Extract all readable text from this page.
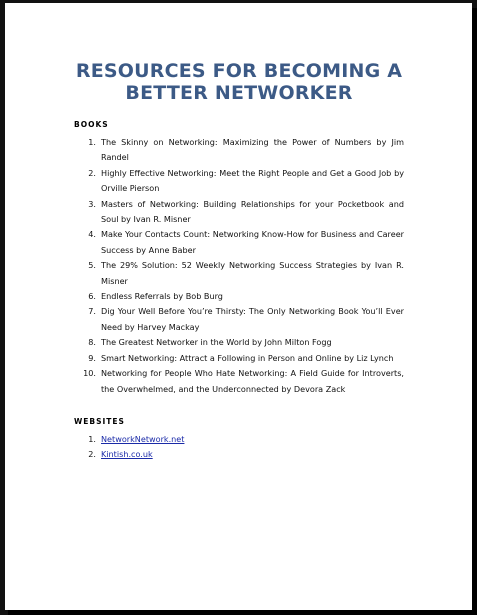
RESOURCES FOR BECOMING A BETTER NETWORKER
BOOKS
1. The Skinny on Networking: Maximizing the Power of Numbers by Jim Randel
2. Highly Effective Networking: Meet the Right People and Get a Good Job by Orville Pierson
3. Masters of Networking: Building Relationships for your Pocketbook and Soul by Ivan R. Misner
4. Make Your Contacts Count: Networking Know-How for Business and Career Success by Anne Baber
5. The 29% Solution: 52 Weekly Networking Success Strategies by Ivan R. Misner
6. Endless Referrals by Bob Burg
7. Dig Your Well Before You’re Thirsty: The Only Networking Book You’ll Ever Need by Harvey Mackay
8. The Greatest Networker in the World by John Milton Fogg
9. Smart Networking: Attract a Following in Person and Online by Liz Lynch
10. Networking for People Who Hate Networking: A Field Guide for Introverts, the Overwhelmed, and the Underconnected by Devora Zack
WEBSITES
1. NetworkNetwork.net
2. Kintish.co.uk
